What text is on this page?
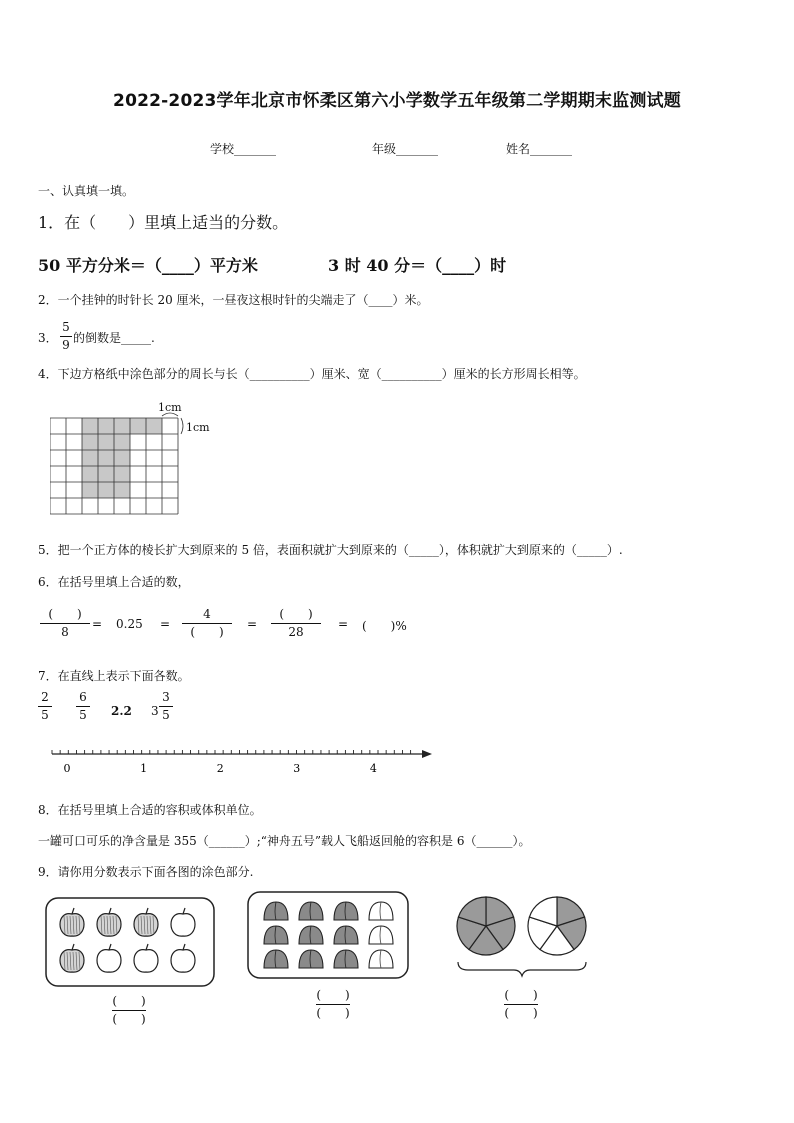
2022-2023学年北京市怀柔区第六小学数学五年级第二学期期末监测试题
学校_______	年级_______	姓名_______
一、认真填一填。
1．在（　　）里填上适当的分数。
50 平方分米＝（____）平方米	3 时 40 分＝（____）时
2．一个挂钟的时针长 20 厘米，一昼夜这根时针的尖端走了（____）米。
3．
5
9 的倒数是_____.
4．下边方格纸中涂色部分的周长与长（__________）厘米、宽（__________）厘米的长方形周长相等。
1cm
1cm
5．把一个正方体的棱长扩大到原来的 5 倍，表面积就扩大到原来的（_____），体积就扩大到原来的（_____）.
6．在括号里填上合适的数，
(　　)
8
= 0.25 =
4
(　　)
=
(　　)
28
= (　　)%
7．在直线上表示下面各数。
2
5
6
5 2.2 3
3
5
0	1	2	3	4
8．在括号里填上合适的容积或体积单位。
一罐可口可乐的净含量是 355（______）;“神舟五号”载人飞船返回舱的容积是 6（______）。
9．请你用分数表示下面各图的涂色部分.
(　　)
(　　)
(　　)
(　　)
(　　)
(　　)
